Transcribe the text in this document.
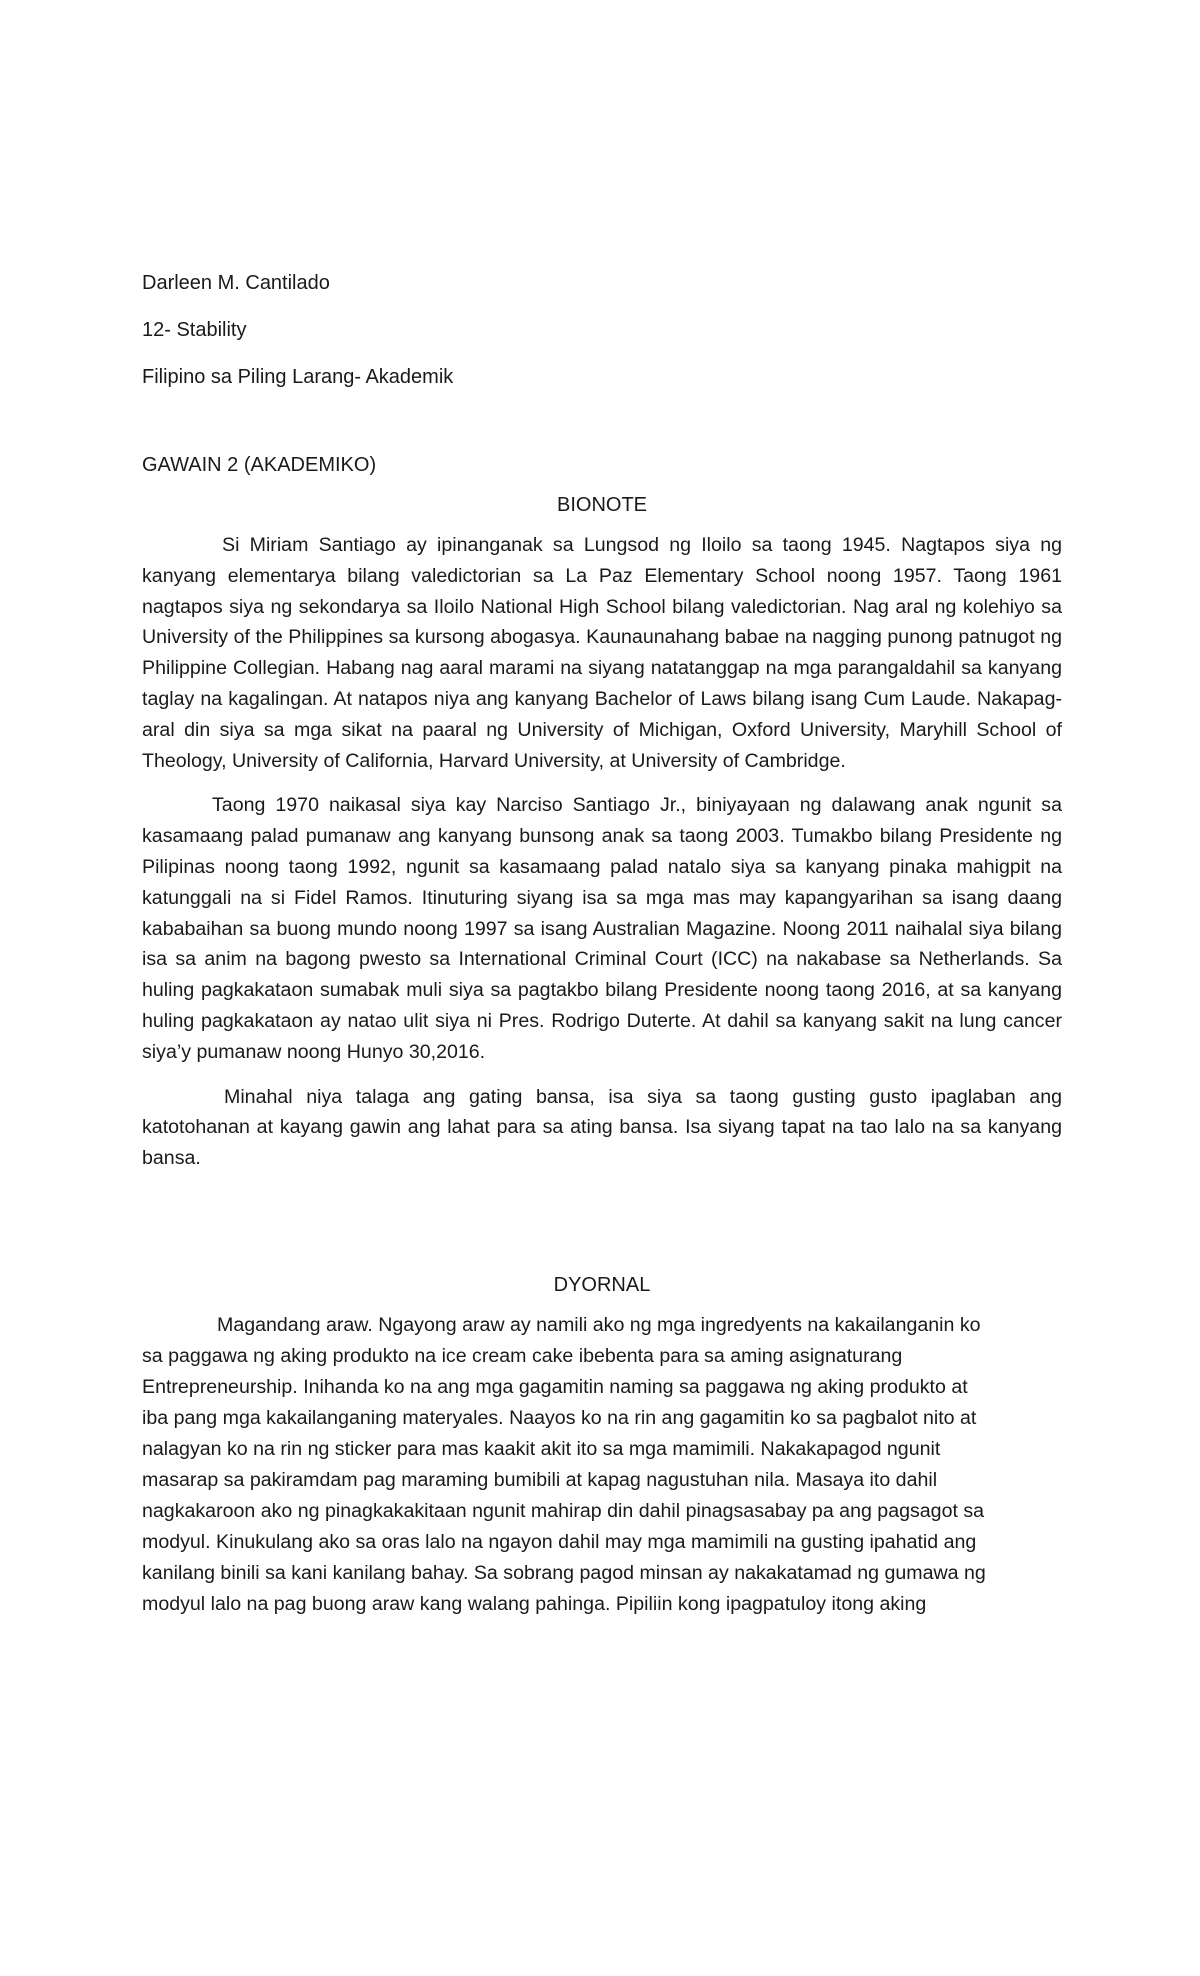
Darleen M. Cantilado

12- Stability

Filipino sa Piling Larang- Akademik

GAWAIN 2 (AKADEMIKO)

BIONOTE

Si Miriam Santiago ay ipinanganak sa Lungsod ng Iloilo sa taong 1945. Nagtapos siya ng kanyang elementarya bilang valedictorian sa La Paz Elementary School noong 1957. Taong 1961 nagtapos siya ng sekondarya sa Iloilo National High School bilang valedictorian. Nag aral ng kolehiyo sa University of the Philippines sa kursong abogasya. Kaunaunahang babae na nagging punong patnugot ng Philippine Collegian. Habang nag aaral marami na siyang natatanggap na mga parangaldahil sa kanyang taglay na kagalingan. At natapos niya ang kanyang Bachelor of Laws bilang isang Cum Laude. Nakapag-aral din siya sa mga sikat na paaral ng University of Michigan, Oxford University, Maryhill School of Theology, University of California, Harvard University, at University of Cambridge.

Taong 1970 naikasal siya kay Narciso Santiago Jr., biniyayaan ng dalawang anak ngunit sa kasamaang palad pumanaw ang kanyang bunsong anak sa taong 2003. Tumakbo bilang Presidente ng Pilipinas noong taong 1992, ngunit sa kasamaang palad natalo siya sa kanyang pinaka mahigpit na katunggali na si Fidel Ramos. Itinuturing siyang isa sa mga mas may kapangyarihan sa isang daang kababaihan sa buong mundo noong 1997 sa isang Australian Magazine. Noong 2011 naihalal siya bilang isa sa anim na bagong pwesto sa International Criminal Court (ICC) na nakabase sa Netherlands. Sa huling pagkakataon sumabak muli siya sa pagtakbo bilang Presidente noong taong 2016, at sa kanyang huling pagkakataon ay natao ulit siya ni Pres. Rodrigo Duterte. At dahil sa kanyang sakit na lung cancer siya’y pumanaw noong Hunyo 30,2016.

Minahal niya talaga ang gating bansa, isa siya sa taong gusting gusto ipaglaban ang katotohanan at kayang gawin ang lahat para sa ating bansa. Isa siyang tapat na tao lalo na sa kanyang bansa.

DYORNAL

Magandang araw. Ngayong araw ay namili ako ng mga ingredyents na kakailanganin ko
sa paggawa ng aking produkto na ice cream cake ibebenta para sa aming asignaturang
Entrepreneurship. Inihanda ko na ang mga gagamitin naming sa paggawa ng aking produkto at
iba pang mga kakailanganing materyales. Naayos ko na rin ang gagamitin ko sa pagbalot nito at
nalagyan ko na rin ng sticker para mas kaakit akit ito sa mga mamimili. Nakakapagod ngunit
masarap sa pakiramdam pag maraming bumibili at kapag nagustuhan nila. Masaya ito dahil
nagkakaroon ako ng pinagkakakitaan ngunit mahirap din dahil pinagsasabay pa ang pagsagot sa
modyul. Kinukulang ako sa oras lalo na ngayon dahil may mga mamimili na gusting ipahatid ang
kanilang binili sa kani kanilang bahay. Sa sobrang pagod minsan ay nakakatamad ng gumawa ng
modyul lalo na pag buong araw kang walang pahinga. Pipiliin kong ipagpatuloy itong aking
